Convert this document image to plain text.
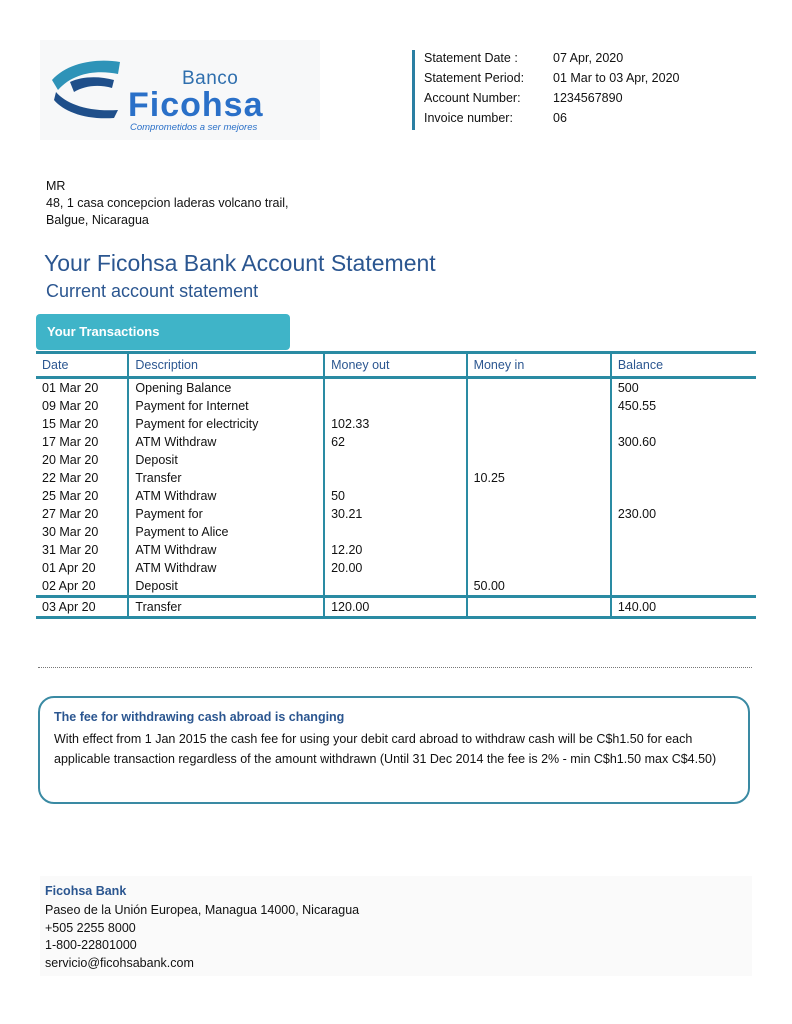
Banco
Ficohsa
Comprometidos a ser mejores
Statement Date :	07 Apr, 2020
Statement Period:	01 Mar to 03 Apr, 2020
Account Number:	1234567890
Invoice number:	06
MR
48, 1 casa concepcion laderas volcano trail,
Balgue, Nicaragua
Your Ficohsa Bank Account Statement
Current account statement
Your Transactions
Date	Description	Money out	Money in	Balance
01 Mar 20	Opening Balance			500
09 Mar 20	Payment for Internet			450.55
15 Mar 20	Payment for electricity	102.33		
17 Mar 20	ATM Withdraw	62		300.60
20 Mar 20	Deposit			
22 Mar 20	Transfer		10.25	
25 Mar 20	ATM Withdraw	50		
27 Mar 20	Payment for	30.21		230.00
30 Mar 20	Payment to Alice			
31 Mar 20	ATM Withdraw	12.20		
01 Apr 20	ATM Withdraw	20.00		
02 Apr 20	Deposit		50.00	
03 Apr 20	Transfer	120.00		140.00
The fee for withdrawing cash abroad is changing
With effect from 1 Jan 2015 the cash fee for using your debit card abroad to withdraw cash will be C$h1.50 for each applicable transaction regardless of the amount withdrawn (Until 31 Dec 2014 the fee is 2% - min C$h1.50 max C$4.50)
Ficohsa Bank
Paseo de la Unión Europea, Managua 14000, Nicaragua
+505 2255 8000
1-800-22801000
servicio@ficohsabank.com
